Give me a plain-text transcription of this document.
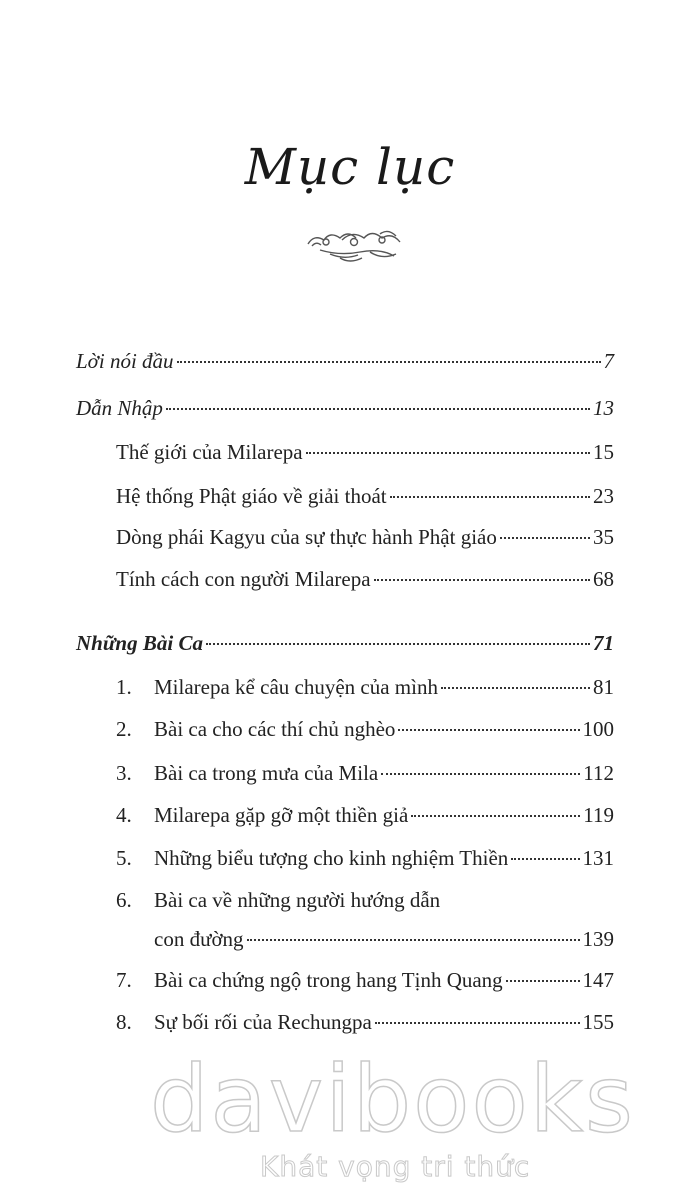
Mục lục
Lời nói đầu	7
Dẫn Nhập	13
Thế giới của Milarepa	15
Hệ thống Phật giáo về giải thoát	23
Dòng phái Kagyu của sự thực hành Phật giáo	35
Tính cách con người Milarepa	68
Những Bài Ca	71
1.	Milarepa kể câu chuyện của mình	81
2.	Bài ca cho các thí chủ nghèo	100
3.	Bài ca trong mưa của Mila	112
4.	Milarepa gặp gỡ một thiền giả	119
5.	Những biểu tượng cho kinh nghiệm Thiền	131
6.	Bài ca về những người hướng dẫn
con đường	139
7.	Bài ca chứng ngộ trong hang Tịnh Quang	147
8.	Sự bối rối của Rechungpa	155
davibooks
Khát vọng tri thức
